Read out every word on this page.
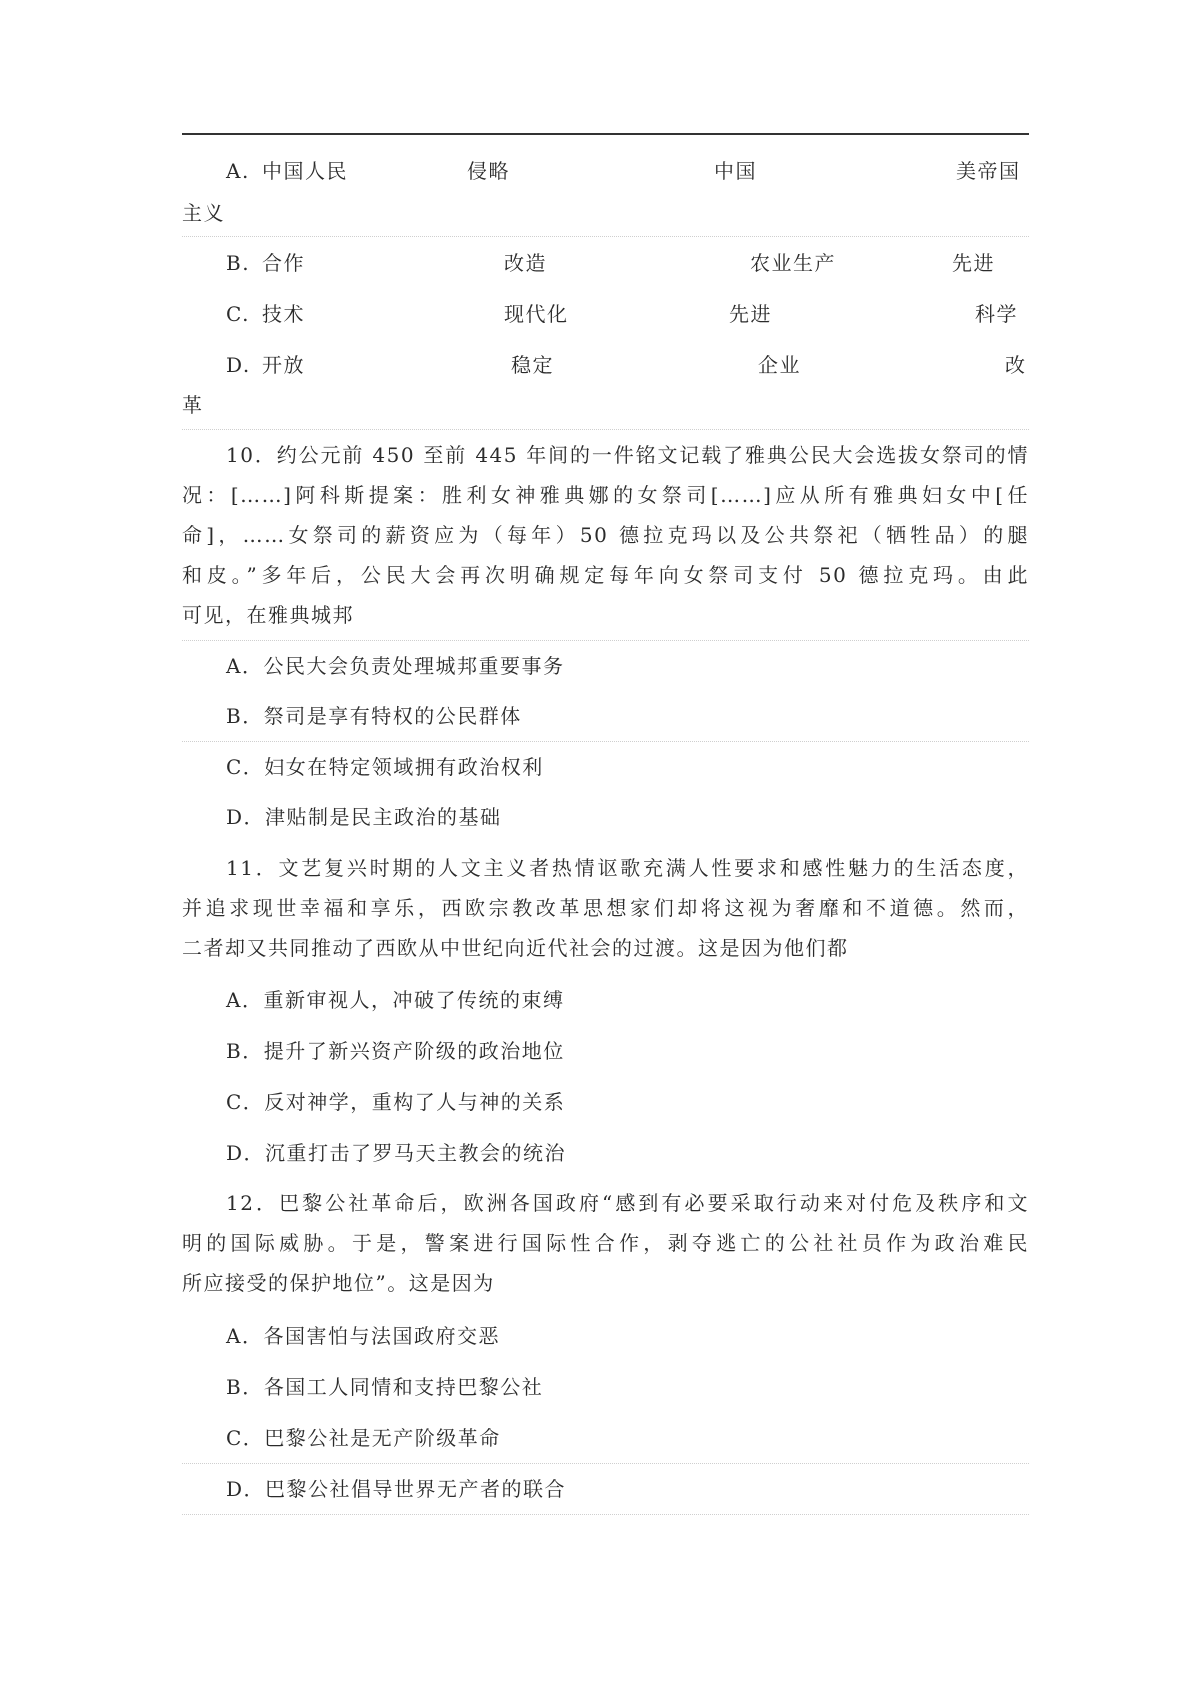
A. 中国人民	侵略	中国	美帝国
主义
B. 合作	改造	农业生产	先进
C. 技术	现代化	先进	科学
D. 开放	稳定	企业	改
革
10．约公元前 450 至前 445 年间的一件铭文记载了雅典公民大会选拔女祭司的情
况：[……]阿科斯提案：胜利女神雅典娜的女祭司[……]应从所有雅典妇女中[任
命]，……女祭司的薪资应为（每年）50 德拉克玛以及公共祭祀（牺牲品）的腿
和皮。”多年后，公民大会再次明确规定每年向女祭司支付 50 德拉克玛。由此
可见，在雅典城邦
A．公民大会负责处理城邦重要事务
B．祭司是享有特权的公民群体
C．妇女在特定领域拥有政治权利
D．津贴制是民主政治的基础
11．文艺复兴时期的人文主义者热情讴歌充满人性要求和感性魅力的生活态度，
并追求现世幸福和享乐，西欧宗教改革思想家们却将这视为奢靡和不道德。然而，
二者却又共同推动了西欧从中世纪向近代社会的过渡。这是因为他们都
A．重新审视人，冲破了传统的束缚
B．提升了新兴资产阶级的政治地位
C．反对神学，重构了人与神的关系
D．沉重打击了罗马天主教会的统治
12．巴黎公社革命后，欧洲各国政府“感到有必要采取行动来对付危及秩序和文
明的国际威胁。于是，警案进行国际性合作，剥夺逃亡的公社社员作为政治难民
所应接受的保护地位”。这是因为
A．各国害怕与法国政府交恶
B．各国工人同情和支持巴黎公社
C．巴黎公社是无产阶级革命
D．巴黎公社倡导世界无产者的联合
